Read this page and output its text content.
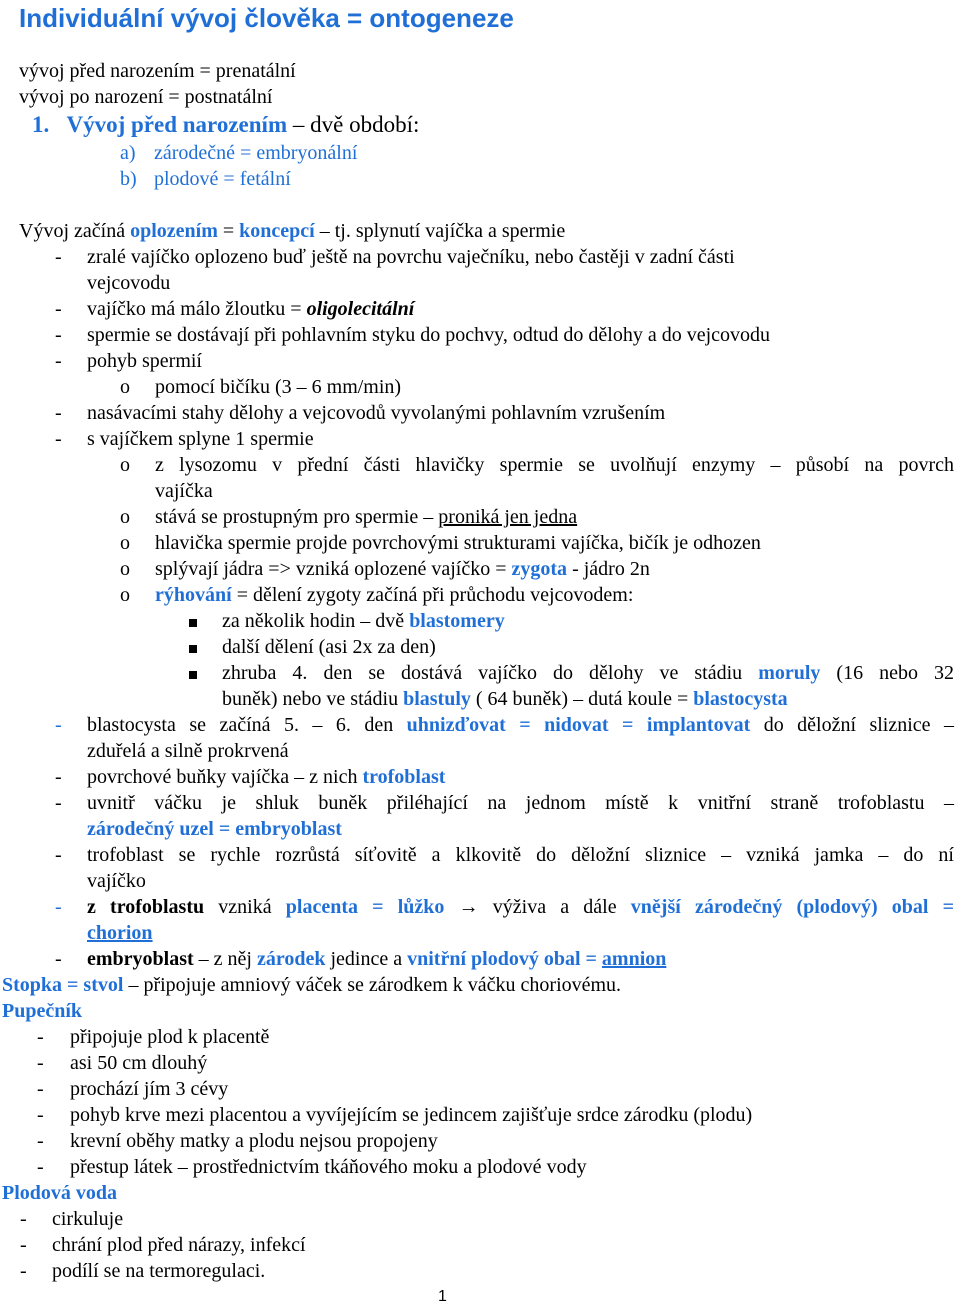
Individuální vývoj člověka = ontogeneze
vývoj před narozením = prenatální
vývoj po narození = postnatální
1. Vývoj před narozením – dvě období:
a) zárodečné = embryonální
b) plodové = fetální
Vývoj začíná oplozením = koncepcí – tj. splynutí vajíčka a spermie
- zralé vajíčko oplozeno buď ještě na povrchu vaječníku, nebo častěji v zadní části
vejcovodu
- vajíčko má málo žloutku = oligolecitální
- spermie se dostávají při pohlavním styku do pochvy, odtud do dělohy a do vejcovodu
- pohyb spermií
o pomocí bičíku (3 – 6 mm/min)
- nasávacími stahy dělohy a vejcovodů vyvolanými pohlavním vzrušením
- s vajíčkem splyne 1 spermie
o z lysozomu v přední části hlavičky spermie se uvolňují enzymy – působí na povrch
vajíčka
o stává se prostupným pro spermie – proniká jen jedna
o hlavička spermie projde povrchovými strukturami vajíčka, bičík je odhozen
o splývají jádra => vzniká oplozené vajíčko = zygota - jádro 2n
o rýhování = dělení zygoty začíná při průchodu vejcovodem:
za několik hodin – dvě blastomery
další dělení (asi 2x za den)
zhruba 4. den se dostává vajíčko do dělohy ve stádiu moruly (16 nebo 32
buněk) nebo ve stádiu blastuly ( 64 buněk) – dutá koule = blastocysta
- blastocysta se začíná 5. – 6. den uhnizďovat = nidovat = implantovat do děložní sliznice –
zduřelá a silně prokrvená
- povrchové buňky vajíčka – z nich trofoblast
- uvnitř váčku je shluk buněk přiléhající na jednom místě k vnitřní straně trofoblastu –
zárodečný uzel = embryoblast
- trofoblast se rychle rozrůstá síťovitě a klkovitě do děložní sliznice – vzniká jamka – do ní
vajíčko
- z trofoblastu vzniká placenta = lůžko → výživa a dále vnější zárodečný (plodový) obal =
chorion
- embryoblast – z něj zárodek jedince a vnitřní plodový obal = amnion
Stopka = stvol – připojuje amniový váček se zárodkem k váčku choriovému.
Pupečník
- připojuje plod k placentě
- asi 50 cm dlouhý
- prochází jím 3 cévy
- pohyb krve mezi placentou a vyvíjejícím se jedincem zajišťuje srdce zárodku (plodu)
- krevní oběhy matky a plodu nejsou propojeny
- přestup látek – prostřednictvím tkáňového moku a plodové vody
Plodová voda
- cirkuluje
- chrání plod před nárazy, infekcí
- podílí se na termoregulaci.
1
